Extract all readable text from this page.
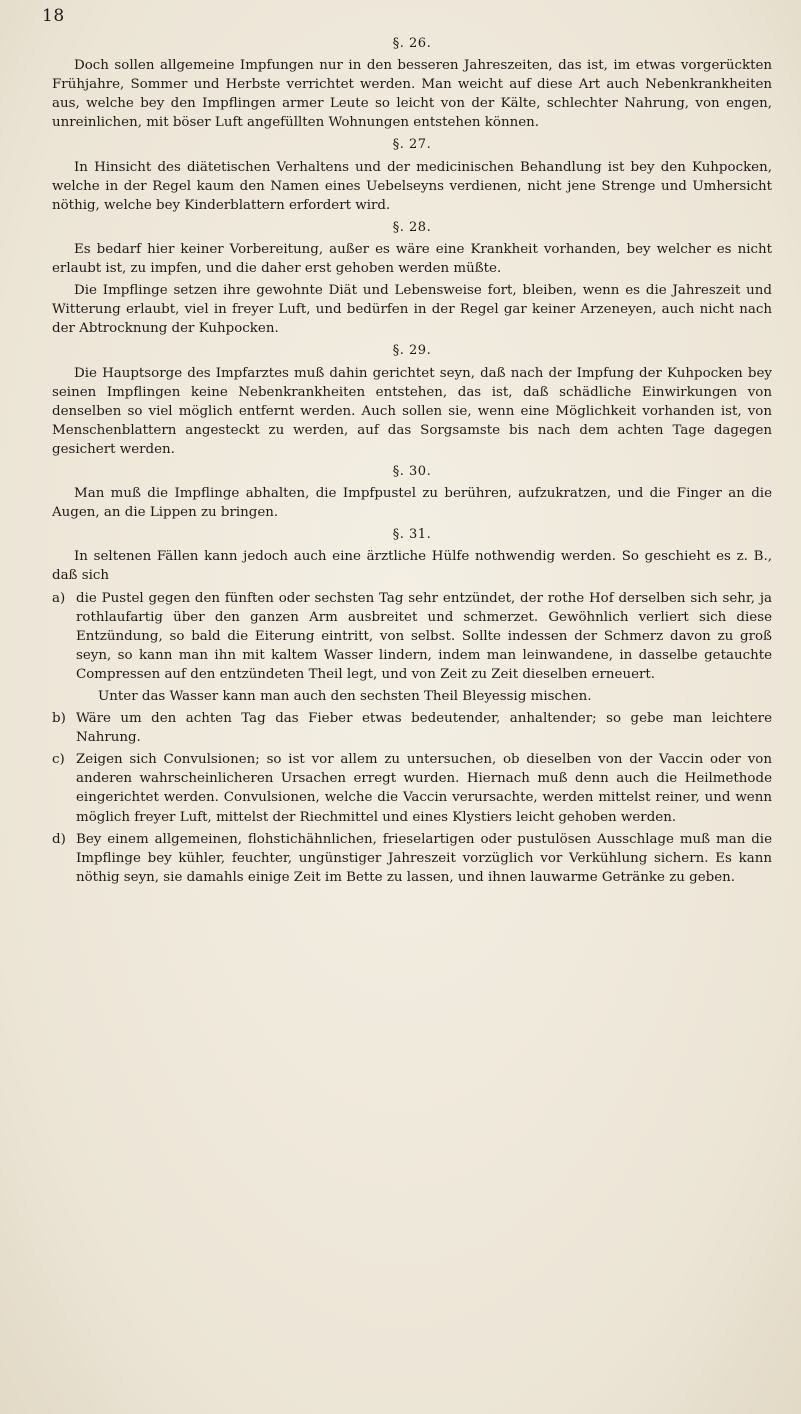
18
§. 26.

Doch sollen allgemeine Impfungen nur in den besseren Jahreszeiten, das ist, im etwas vorgerückten Frühjahre, Sommer und Herbste verrichtet werden. Man weicht auf diese Art auch Nebenkrankheiten aus, welche bey den Impflingen armer Leute so leicht von der Kälte, schlechter Nahrung, von engen, unreinlichen, mit böser Luft angefüllten Wohnungen entstehen können.

§. 27.

In Hinsicht des diätetischen Verhaltens und der medicinischen Behandlung ist bey den Kuhpocken, welche in der Regel kaum den Namen eines Uebelseyns verdienen, nicht jene Strenge und Umhersicht nöthig, welche bey Kinderblattern erfordert wird.

§. 28.

Es bedarf hier keiner Vorbereitung, außer es wäre eine Krankheit vorhanden, bey welcher es nicht erlaubt ist, zu impfen, und die daher erst gehoben werden müßte.

Die Impflinge setzen ihre gewohnte Diät und Lebensweise fort, bleiben, wenn es die Jahreszeit und Witterung erlaubt, viel in freyer Luft, und bedürfen in der Regel gar keiner Arzeneyen, auch nicht nach der Abtrocknung der Kuhpocken.

§. 29.

Die Hauptsorge des Impfarztes muß dahin gerichtet seyn, daß nach der Impfung der Kuhpocken bey seinen Impflingen keine Nebenkrankheiten entstehen, das ist, daß schädliche Einwirkungen von denselben so viel möglich entfernt werden. Auch sollen sie, wenn eine Möglichkeit vorhanden ist, von Menschenblattern angesteckt zu werden, auf das Sorgsamste bis nach dem achten Tage dagegen gesichert werden.

§. 30.

Man muß die Impflinge abhalten, die Impfpustel zu berühren, aufzukratzen, und die Finger an die Augen, an die Lippen zu bringen.

§. 31.

In seltenen Fällen kann jedoch auch eine ärztliche Hülfe nothwendig werden. So geschieht es z. B., daß sich

a) die Pustel gegen den fünften oder sechsten Tag sehr entzündet, der rothe Hof derselben sich sehr, ja rothlaufartig über den ganzen Arm ausbreitet und schmerzet. Gewöhnlich verliert sich diese Entzündung, so bald die Eiterung eintritt, von selbst. Sollte indessen der Schmerz davon zu groß seyn, so kann man ihn mit kaltem Wasser lindern, indem man leinwandene, in dasselbe getauchte Compressen auf den entzündeten Theil legt, und von Zeit zu Zeit dieselben erneuert.
Unter das Wasser kann man auch den sechsten Theil Bleyessig mischen.
b) Wäre um den achten Tag das Fieber etwas bedeutender, anhaltender; so gebe man leichtere Nahrung.
c) Zeigen sich Convulsionen; so ist vor allem zu untersuchen, ob dieselben von der Vaccin oder von anderen wahrscheinlicheren Ursachen erregt wurden. Hiernach muß denn auch die Heilmethode eingerichtet werden. Convulsionen, welche die Vaccin verursachte, werden mittelst reiner, und wenn möglich freyer Luft, mittelst der Riechmittel und eines Klystiers leicht gehoben werden.
d) Bey einem allgemeinen, flohstichähnlichen, frieselartigen oder pustulösen Ausschlage muß man die Impflinge bey kühler, feuchter, ungünstiger Jahreszeit vorzüglich vor Verkühlung sichern. Es kann nöthig seyn, sie damahls einige Zeit im Bette zu lassen, und ihnen lauwarme Getränke zu geben.
